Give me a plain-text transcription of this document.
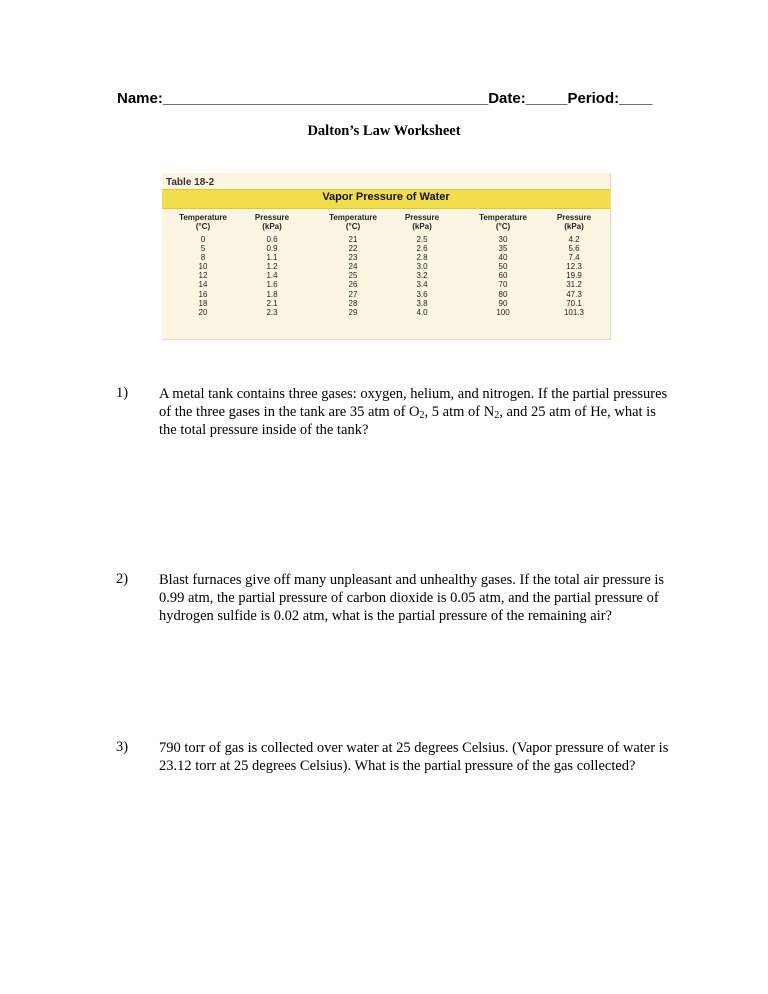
Name:_______________________________________Date:_____Period:____
Dalton’s Law Worksheet
Table 18-2
Vapor Pressure of Water
Temperature
(°C)
0
5
8
10
12
14
16
18
20
Pressure
(kPa)
0.6
0.9
1.1
1.2
1.4
1.6
1.8
2.1
2.3
Temperature
(°C)
21
22
23
24
25
26
27
28
29
Pressure
(kPa)
2.5
2.6
2.8
3.0
3.2
3.4
3.6
3.8
4.0
Temperature
(°C)
30
35
40
50
60
70
80
90
100
Pressure
(kPa)
4.2
5.6
7.4
12.3
19.9
31.2
47.3
70.1
101.3
1) A metal tank contains three gases: oxygen, helium, and nitrogen. If the partial pressures of the three gases in the tank are 35 atm of $O_2$, 5 atm of $N_2$, and 25 atm of He, what is the total pressure inside of the tank?
2) Blast furnaces give off many unpleasant and unhealthy gases. If the total air pressure is 0.99 atm, the partial pressure of carbon dioxide is 0.05 atm, and the partial pressure of hydrogen sulfide is 0.02 atm, what is the partial pressure of the remaining air?
3) 790 torr of gas is collected over water at 25 degrees Celsius. (Vapor pressure of water is 23.12 torr at 25 degrees Celsius). What is the partial pressure of the gas collected?
